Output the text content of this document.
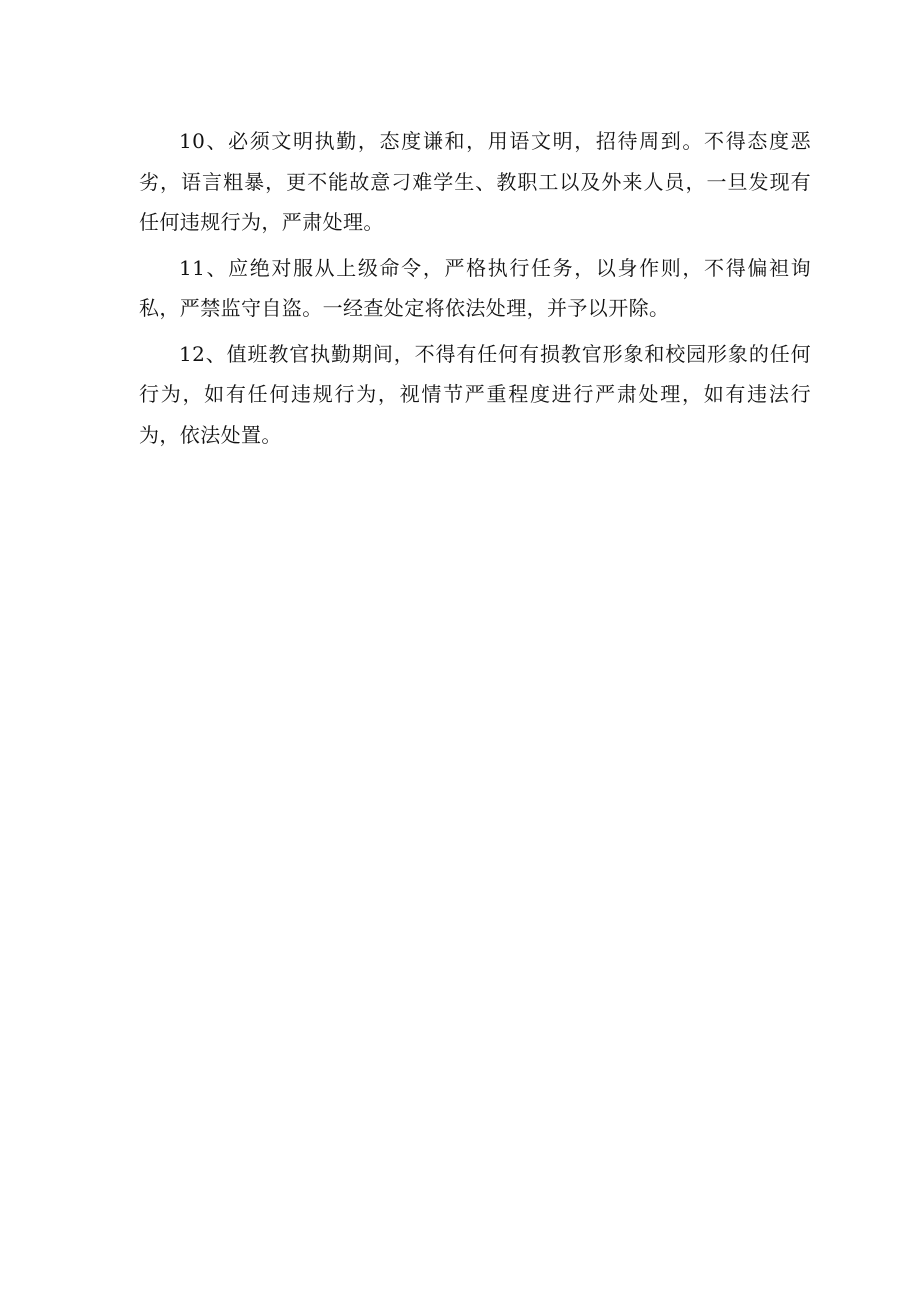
10、必须文明执勤，态度谦和，用语文明，招待周到。不得态度恶劣，语言粗暴，更不能故意刁难学生、教职工以及外来人员，一旦发现有任何违规行为，严肃处理。

11、应绝对服从上级命令，严格执行任务，以身作则，不得偏袒询私，严禁监守自盗。一经查处定将依法处理，并予以开除。

12、值班教官执勤期间，不得有任何有损教官形象和校园形象的任何行为，如有任何违规行为，视情节严重程度进行严肃处理，如有违法行为，依法处置。
